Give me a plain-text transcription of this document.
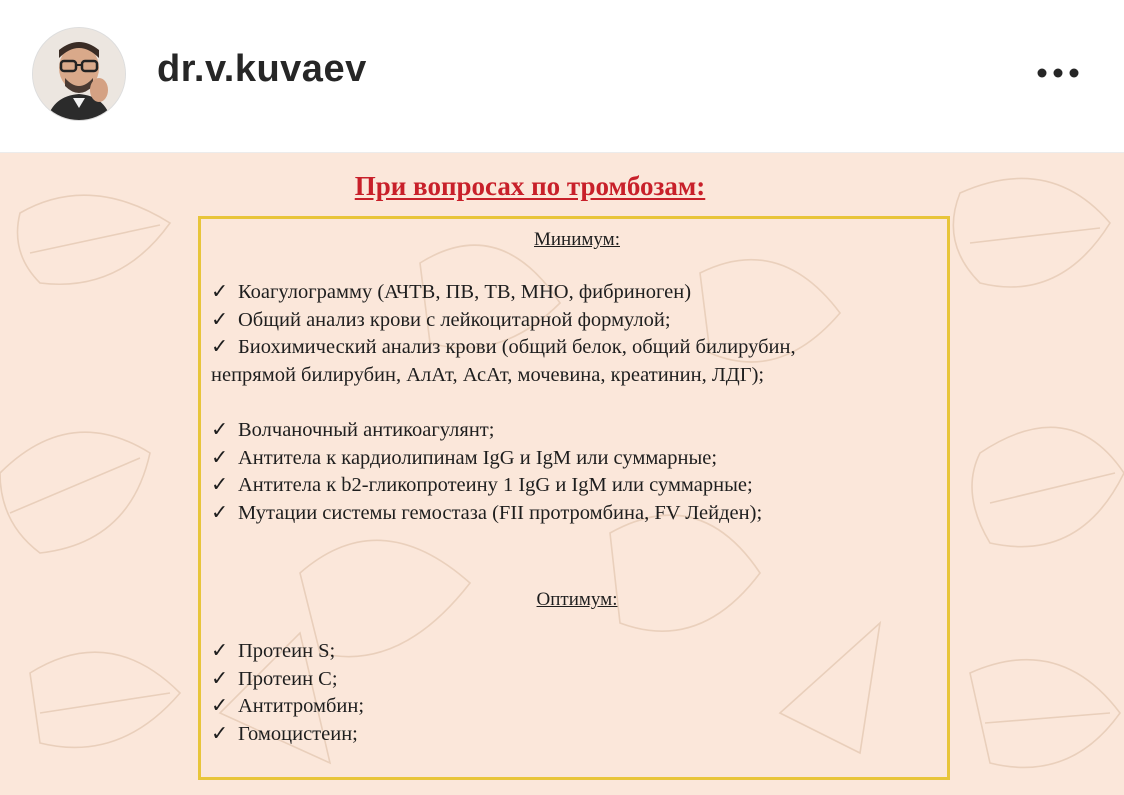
dr.v.kuvaev
При вопросах по тромбозам:
Минимум:
✓ Коагулограмму (АЧТВ, ПВ, ТВ, МНО, фибриноген)
✓ Общий анализ крови с лейкоцитарной формулой;
✓ Биохимический анализ крови (общий белок, общий билирубин,
непрямой билирубин, АлАт, АсАт, мочевина, креатинин, ЛДГ);
✓ Волчаночный антикоагулянт;
✓ Антитела к кардиолипинам IgG и IgM или суммарные;
✓ Антитела к b2-гликопротеину 1 IgG и IgM или суммарные;
✓ Мутации системы гемостаза (FII протромбина, FV Лейден);
Оптимум:
✓ Протеин S;
✓ Протеин C;
✓ Антитромбин;
✓ Гомоцистеин;
